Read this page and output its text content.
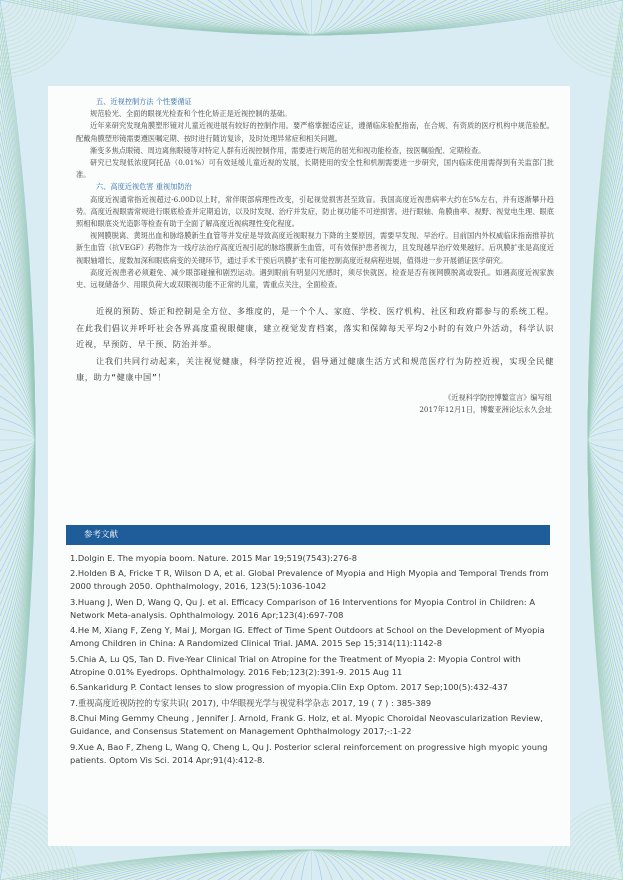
五、近视控制方法 个性要循证

规范验光、全面的眼视光检查和个性化矫正是近视控制的基础。

近年来研究发现角膜塑形镜对儿童近视进展有较好的控制作用。要严格掌握适应证，遵循临床验配指南，在合规、有资质的医疗机构中规范验配。配戴角膜塑形镜需要遵医嘱定期、按时进行随访复诊，及时处理异常症和相关问题。

渐变多焦点眼镜、周边离焦眼镜等对特定人群有近视控制作用，需要进行规范的屈光和视功能检查，按医嘱验配、定期检查。

研究已发现低浓度阿托品（0.01%）可有效延缓儿童近视的发展，长期使用的安全性和机制需要进一步研究，国内临床使用需得到有关监部门批准。

六、高度近视危害 重视加防治

高度近视通常指近视超过-6.00D以上时，常伴眼部病理性改变，引起视觉损害甚至致盲。我国高度近视患病率大约在5%左右，并有逐渐攀升趋势。高度近视眼需常规进行眼底检查并定期追访，以及时发现、治疗并发症，防止视功能不可逆损害。进行眼轴、角膜曲率、视野、视觉电生理、眼底照相和眼底炎光造影等检查有助于全面了解高度近视病理性变化程度。

视网膜脱离、黄斑出血和脉络膜新生血管等并发症是导致高度近视眼视力下降的主要原因，需要早发现、早治疗。目前国内外权威临床指南推荐抗新生血管（抗VEGF）药物作为一线疗法治疗高度近视引起的脉络膜新生血管，可有效保护患者视力，且发现越早治疗效果越好。后巩膜扩张是高度近视眼轴增长、度数加深和眼底病变的关键环节，通过手术干预后巩膜扩张有可能控制高度近视病程进展，值得进一步开展循证医学研究。

高度近视患者必须避免、减少眼部碰撞和剧烈运动。遇到眼前有明显闪光感时，须尽快就医。检查是否有视网膜脱离或裂孔。如遇高度近视家族史、远视储备少、用眼负荷大或双眼视功能不正常的儿童，需重点关注，全面检查。

近视的预防、矫正和控制是全方位、多维度的，是一个个人、家庭、学校、医疗机构、社区和政府都参与的系统工程。在此我们倡议并呼吁社会各界高度重视眼健康，建立视觉发育档案，落实和保障每天平均2小时的有效户外活动，科学认识近视，早预防、早干预、防治并举。

让我们共同行动起来，关注视觉健康，科学防控近视，倡导通过健康生活方式和规范医疗行为防控近视，实现全民健康，助力“健康中国”！

《近视科学防控博鳌宣言》编写组
2017年12月1日，博鳌亚洲论坛永久会址
参考文献

1.Dolgin E. The myopia boom. Nature. 2015 Mar 19;519(7543):276-8

2.Holden B A, Fricke T R, Wilson D A, et al. Global Prevalence of Myopia and High Myopia and Temporal Trends from 2000 through 2050. Ophthalmology, 2016, 123(5):1036-1042

3.Huang J, Wen D, Wang Q, Qu J. et al. Efficacy Comparison of 16 Interventions for Myopia Control in Children: A Network Meta-analysis. Ophthalmology. 2016 Apr;123(4):697-708

4.He M, Xiang F, Zeng Y, Mai J, Morgan IG. Effect of Time Spent Outdoors at School on the Development of Myopia Among Children in China: A Randomized Clinical Trial. JAMA. 2015 Sep 15;314(11):1142-8

5.Chia A, Lu QS, Tan D. Five-Year Clinical Trial on Atropine for the Treatment of Myopia 2: Myopia Control with Atropine 0.01% Eyedrops. Ophthalmology. 2016 Feb;123(2):391-9. 2015 Aug 11

6.Sankaridurg P. Contact lenses to slow progression of myopia.Clin Exp Optom. 2017 Sep;100(5):432-437

7.重视高度近视防控的专家共识( 2017), 中华眼视光学与视觉科学杂志 2017, 19 ( 7 ) : 385-389

8.Chui Ming Gemmy Cheung , Jennifer J. Arnold, Frank G. Holz, et al. Myopic Choroidal Neovascularization Review, Guidance, and Consensus Statement on Management Ophthalmology 2017;-:1-22

9.Xue A, Bao F, Zheng L, Wang Q, Cheng L, Qu J. Posterior scleral reinforcement on progressive high myopic young patients. Optom Vis Sci. 2014 Apr;91(4):412-8.
